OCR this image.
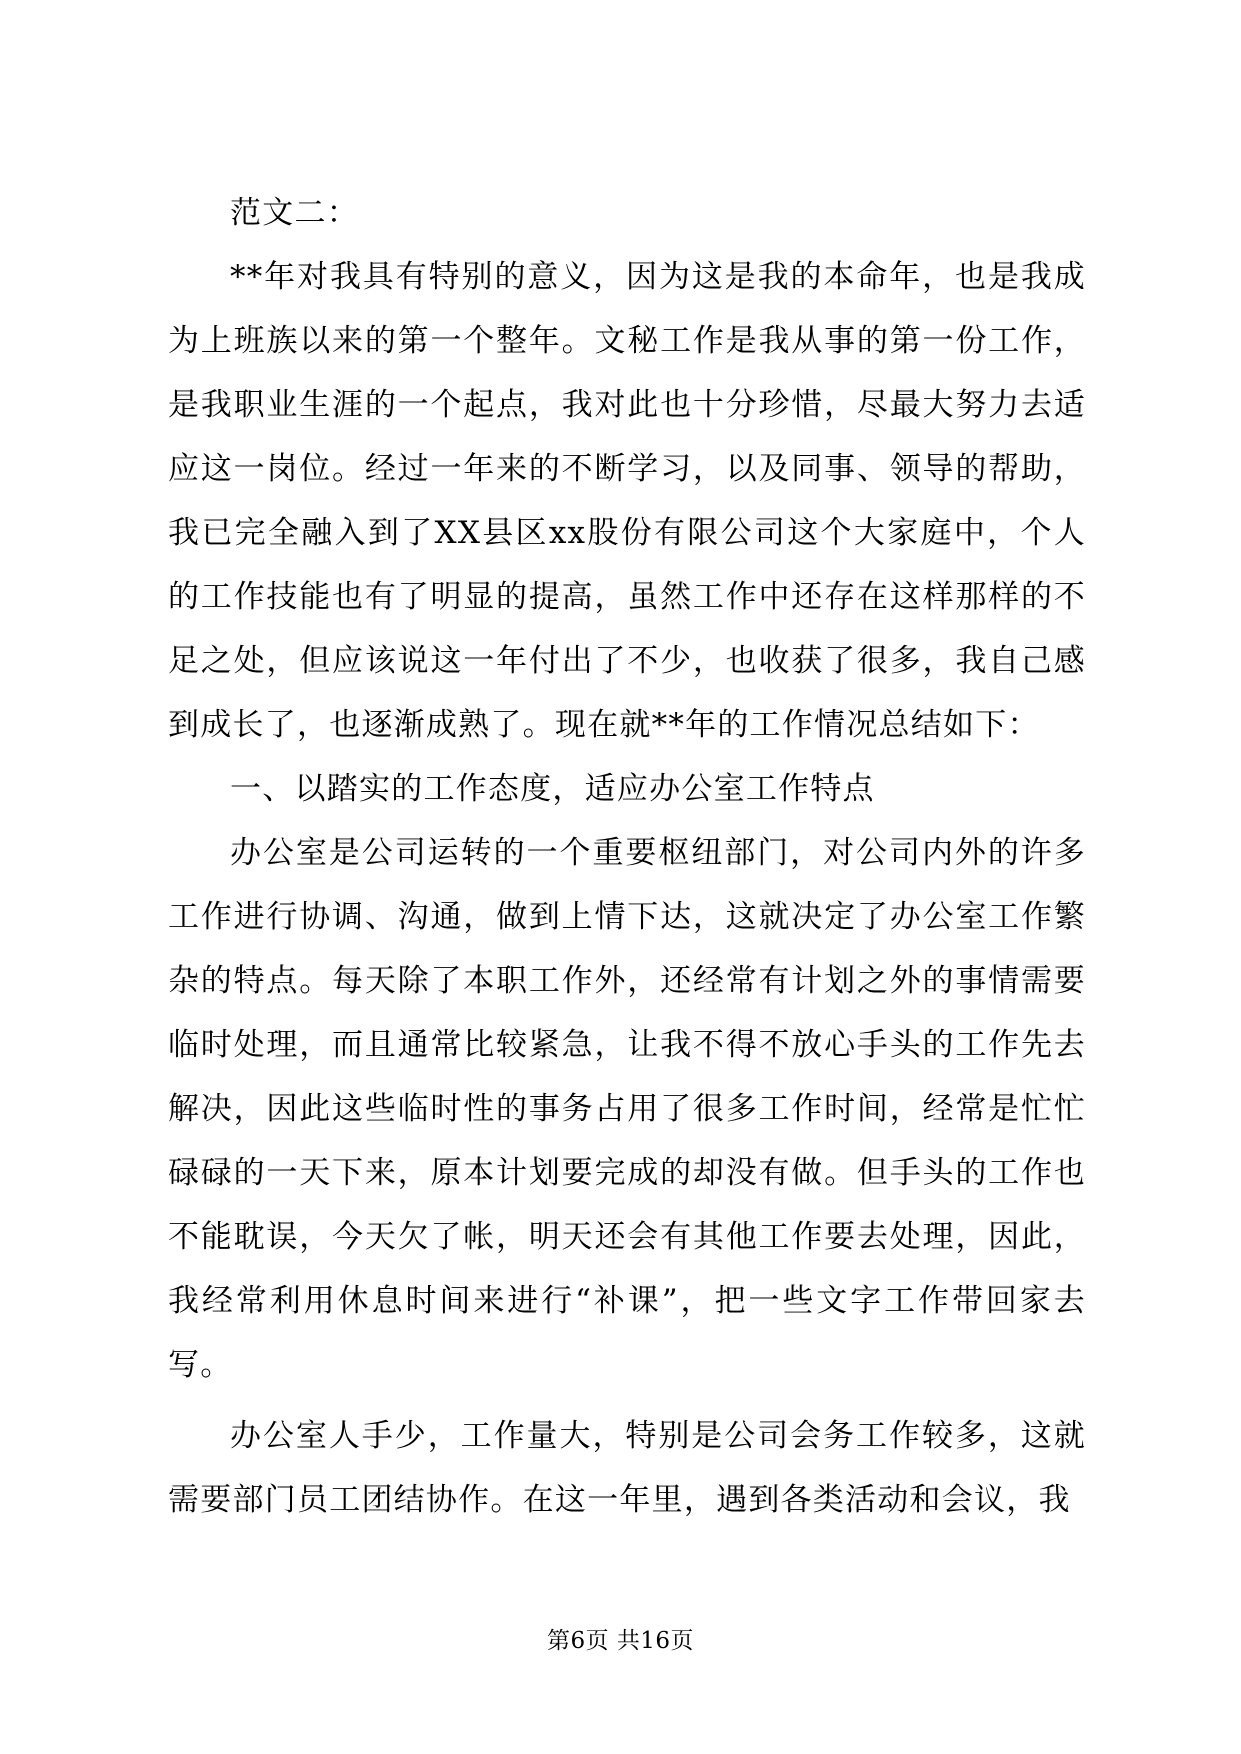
范文二：

**年对我具有特别的意义，因为这是我的本命年，也是我成为上班族以来的第一个整年。文秘工作是我从事的第一份工作，是我职业生涯的一个起点，我对此也十分珍惜，尽最大努力去适应这一岗位。经过一年来的不断学习，以及同事、领导的帮助，我已完全融入到了XX县区xx股份有限公司这个大家庭中，个人的工作技能也有了明显的提高，虽然工作中还存在这样那样的不足之处，但应该说这一年付出了不少，也收获了很多，我自己感到成长了，也逐渐成熟了。现在就**年的工作情况总结如下：

一、以踏实的工作态度，适应办公室工作特点

办公室是公司运转的一个重要枢纽部门，对公司内外的许多工作进行协调、沟通，做到上情下达，这就决定了办公室工作繁杂的特点。每天除了本职工作外，还经常有计划之外的事情需要临时处理，而且通常比较紧急，让我不得不放心手头的工作先去解决，因此这些临时性的事务占用了很多工作时间，经常是忙忙碌碌的一天下来，原本计划要完成的却没有做。但手头的工作也不能耽误，今天欠了帐，明天还会有其他工作要去处理，因此，我经常利用休息时间来进行“补课”，把一些文字工作带回家去写。

办公室人手少，工作量大，特别是公司会务工作较多，这就需要部门员工团结协作。在这一年里，遇到各类活动和会议，我

第6页 共16页
